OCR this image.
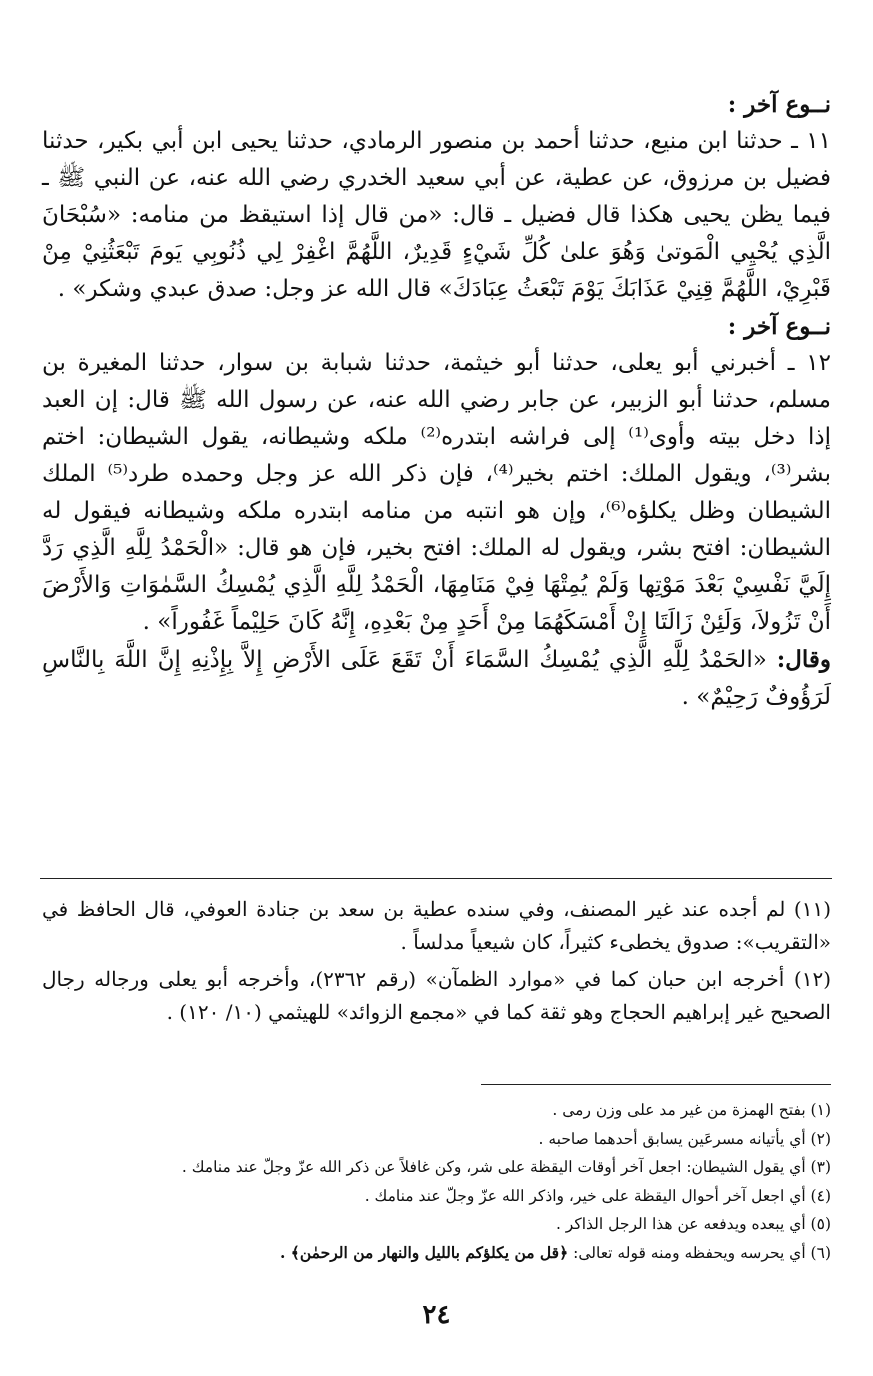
نــوع آخر :

١١ ـ حدثنا ابن منيع، حدثنا أحمد بن منصور الرمادي، حدثنا يحيى ابن أبي بكير، حدثنا فضيل بن مرزوق، عن عطية، عن أبي سعيد الخدري رضي الله عنه، عن النبي ﷺ ـ فيما يظن يحيى هكذا قال فضيل ـ قال: «من قال إذا استيقظ من منامه: «سُبْحَانَ الَّذِي يُحْيِي الْمَوتىٰ وَهُوَ علىٰ كُلِّ شَيْءٍ قَدِيرٌ، اللَّهُمَّ اغْفِرْ لِي ذُنُوبِي يَومَ تَبْعَثُنِيْ مِنْ قَبْرِيْ، اللَّهُمَّ قِنِيْ عَذَابَكَ يَوْمَ تَبْعَثُ عِبَادَكَ» قال الله عز وجل: صدق عبدي وشكر» .

نــوع آخر :

١٢ ـ أخبرني أبو يعلى، حدثنا أبو خيثمة، حدثنا شبابة بن سوار، حدثنا المغيرة بن مسلم، حدثنا أبو الزبير، عن جابر رضي الله عنه، عن رسول الله ﷺ قال: إن العبد إذا دخل بيته وأوى⁽¹⁾ إلى فراشه ابتدره⁽²⁾ ملكه وشيطانه، يقول الشيطان: اختم بشر⁽³⁾، ويقول الملك: اختم بخير⁽⁴⁾، فإن ذكر الله عز وجل وحمده طرد⁽⁵⁾ الملك الشيطان وظل يكلؤه⁽⁶⁾، وإن هو انتبه من منامه ابتدره ملكه وشيطانه فيقول له الشيطان: افتح بشر، ويقول له الملك: افتح بخير، فإن هو قال: «الْحَمْدُ لِلَّهِ الَّذِي رَدَّ إِلَيَّ نَفْسِيْ بَعْدَ مَوْتِها وَلَمْ يُمِتْهَا فِيْ مَنَامِهَا، الْحَمْدُ لِلَّهِ الَّذِي يُمْسِكُ السَّمٰوَاتِ وَالأَرْضَ أَنْ تَزُولاَ، وَلَئِنْ زَالَتَا إِنْ أَمْسَكَهُمَا مِنْ أَحَدٍ مِنْ بَعْدِهِ، إِنَّهُ كَانَ حَلِيْماً غَفُوراً» .

وقال: «الحَمْدُ لِلَّهِ الَّذِي يُمْسِكُ السَّمَاءَ أَنْ تَقَعَ عَلَى الأَرْضِ إِلاَّ بِإِذْنِهِ إِنَّ اللَّهَ بِالنَّاسِ لَرَؤُوفٌ رَحِيْمٌ» .

(١١) لم أجده عند غير المصنف، وفي سنده عطية بن سعد بن جنادة العوفي، قال الحافظ في «التقريب»: صدوق يخطىء كثيراً، كان شيعياً مدلساً .

(١٢) أخرجه ابن حبان كما في «موارد الظمآن» (رقم ٢٣٦٢)، وأخرجه أبو يعلى ورجاله رجال الصحيح غير إبراهيم الحجاج وهو ثقة كما في «مجمع الزوائد» للهيثمي (١٠/ ١٢٠) .

(١) بفتح الهمزة من غير مد على وزن رمى .

(٢) أي يأتيانه مسرعَين يسابق أحدهما صاحبه .

(٣) أي يقول الشيطان: اجعل آخر أوقات اليقظة على شر، وكن غافلاً عن ذكر الله عزّ وجلّ عند منامك .

(٤) أي اجعل آخر أحوال اليقظة على خير، واذكر الله عزّ وجلّ عند منامك .

(٥) أي يبعده ويدفعه عن هذا الرجل الذاكر .

(٦) أي يحرسه ويحفظه ومنه قوله تعالى: ﴿قل من يكلؤكم بالليل والنهار من الرحمٰن﴾ .

٢٤
